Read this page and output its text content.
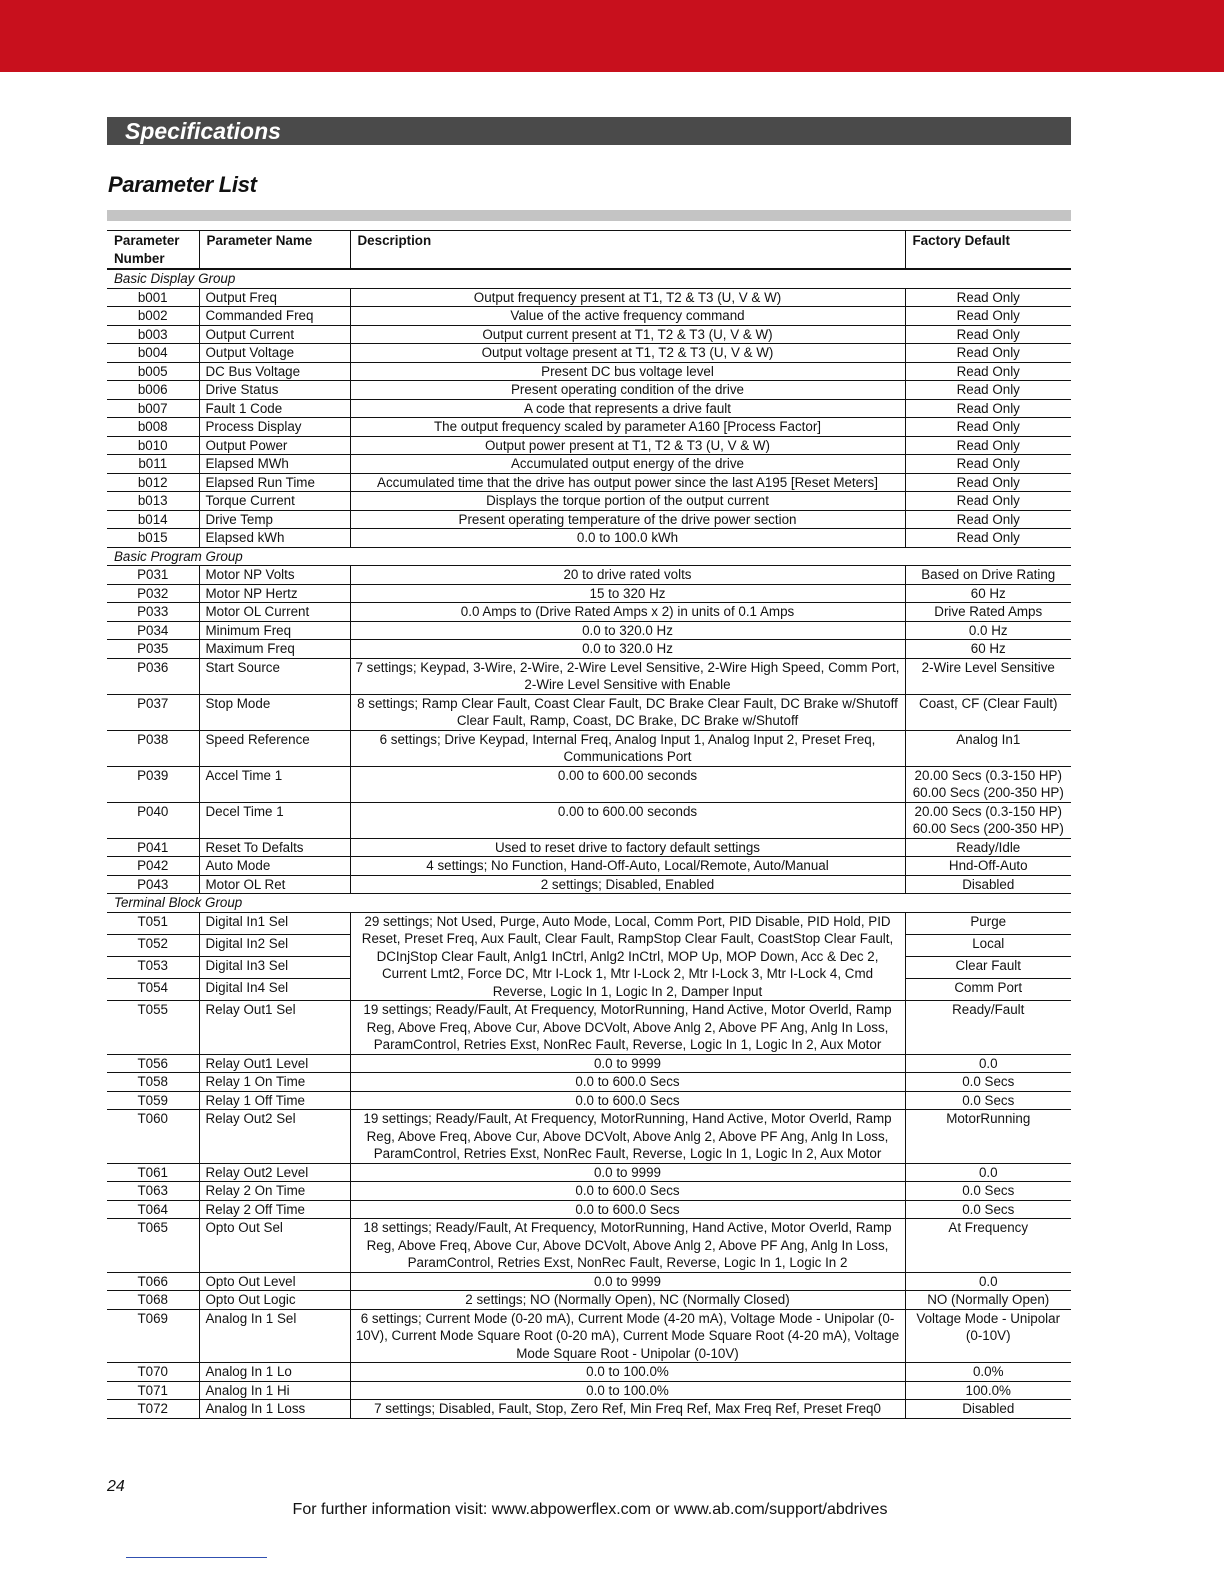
Specifications
Parameter List
Parameter Number	Parameter Name	Description	Factory Default
Basic Display Group			
b001	Output Freq	Output frequency present at T1, T2 & T3 (U, V & W)	Read Only
b002	Commanded Freq	Value of the active frequency command	Read Only
b003	Output Current	Output current present at T1, T2 & T3 (U, V & W)	Read Only
b004	Output Voltage	Output voltage present at T1, T2 & T3 (U, V & W)	Read Only
b005	DC Bus Voltage	Present DC bus voltage level	Read Only
b006	Drive Status	Present operating condition of the drive	Read Only
b007	Fault 1 Code	A code that represents a drive fault	Read Only
b008	Process Display	The output frequency scaled by parameter A160 [Process Factor]	Read Only
b010	Output Power	Output power present at T1, T2 & T3 (U, V & W)	Read Only
b011	Elapsed MWh	Accumulated output energy of the drive	Read Only
b012	Elapsed Run Time	Accumulated time that the drive has output power since the last A195 [Reset Meters]	Read Only
b013	Torque Current	Displays the torque portion of the output current	Read Only
b014	Drive Temp	Present operating temperature of the drive power section	Read Only
b015	Elapsed kWh	0.0 to 100.0 kWh	Read Only
Basic Program Group			
P031	Motor NP Volts	20 to drive rated volts	Based on Drive Rating
P032	Motor NP Hertz	15 to 320 Hz	60 Hz
P033	Motor OL Current	0.0 Amps to (Drive Rated Amps x 2) in units of 0.1 Amps	Drive Rated Amps
P034	Minimum Freq	0.0 to 320.0 Hz	0.0 Hz
P035	Maximum Freq	0.0 to 320.0 Hz	60 Hz
P036	Start Source	7 settings; Keypad, 3-Wire, 2-Wire, 2-Wire Level Sensitive, 2-Wire High Speed, Comm Port, 2-Wire Level Sensitive with Enable	2-Wire Level Sensitive
P037	Stop Mode	8 settings; Ramp Clear Fault, Coast Clear Fault, DC Brake Clear Fault, DC Brake w/Shutoff Clear Fault, Ramp, Coast, DC Brake, DC Brake w/Shutoff	Coast, CF (Clear Fault)
P038	Speed Reference	6 settings; Drive Keypad, Internal Freq, Analog Input 1, Analog Input 2, Preset Freq, Communications Port	Analog In1
P039	Accel Time 1	0.00 to 600.00 seconds	20.00 Secs (0.3-150 HP) 60.00 Secs (200-350 HP)
P040	Decel Time 1	0.00 to 600.00 seconds	20.00 Secs (0.3-150 HP) 60.00 Secs (200-350 HP)
P041	Reset To Defalts	Used to reset drive to factory default settings	Ready/Idle
P042	Auto Mode	4 settings; No Function, Hand-Off-Auto, Local/Remote, Auto/Manual	Hnd-Off-Auto
P043	Motor OL Ret	2 settings; Disabled, Enabled	Disabled
Terminal Block Group			
T051	Digital In1 Sel	29 settings; Not Used, Purge, Auto Mode, Local, Comm Port, PID Disable, PID Hold, PID Reset, Preset Freq, Aux Fault, Clear Fault, RampStop Clear Fault, CoastStop Clear Fault, DCInjStop Clear Fault, Anlg1 InCtrl, Anlg2 InCtrl, MOP Up, MOP Down, Acc & Dec 2, Current Lmt2, Force DC, Mtr I-Lock 1, Mtr I-Lock 2, Mtr I-Lock 3, Mtr I-Lock 4, Cmd Reverse, Logic In 1, Logic In 2, Damper Input	Purge
T052	Digital In2 Sel		Local
T053	Digital In3 Sel		Clear Fault
T054	Digital In4 Sel		Comm Port
T055	Relay Out1 Sel	19 settings; Ready/Fault, At Frequency, MotorRunning, Hand Active, Motor Overld, Ramp Reg, Above Freq, Above Cur, Above DCVolt, Above Anlg 2, Above PF Ang, Anlg In Loss, ParamControl, Retries Exst, NonRec Fault, Reverse, Logic In 1, Logic In 2, Aux Motor	Ready/Fault
T056	Relay Out1 Level	0.0 to 9999	0.0
T058	Relay 1 On Time	0.0 to 600.0 Secs	0.0 Secs
T059	Relay 1 Off Time	0.0 to 600.0 Secs	0.0 Secs
T060	Relay Out2 Sel	19 settings; Ready/Fault, At Frequency, MotorRunning, Hand Active, Motor Overld, Ramp Reg, Above Freq, Above Cur, Above DCVolt, Above Anlg 2, Above PF Ang, Anlg In Loss, ParamControl, Retries Exst, NonRec Fault, Reverse, Logic In 1, Logic In 2, Aux Motor	MotorRunning
T061	Relay Out2 Level	0.0 to 9999	0.0
T063	Relay 2 On Time	0.0 to 600.0 Secs	0.0 Secs
T064	Relay 2 Off Time	0.0 to 600.0 Secs	0.0 Secs
T065	Opto Out Sel	18 settings; Ready/Fault, At Frequency, MotorRunning, Hand Active, Motor Overld, Ramp Reg, Above Freq, Above Cur, Above DCVolt, Above Anlg 2, Above PF Ang, Anlg In Loss, ParamControl, Retries Exst, NonRec Fault, Reverse, Logic In 1, Logic In 2	At Frequency
T066	Opto Out Level	0.0 to 9999	0.0
T068	Opto Out Logic	2 settings; NO (Normally Open), NC (Normally Closed)	NO (Normally Open)
T069	Analog In 1 Sel	6 settings; Current Mode (0-20 mA), Current Mode (4-20 mA), Voltage Mode - Unipolar (0-10V), Current Mode Square Root (0-20 mA), Current Mode Square Root (4-20 mA), Voltage Mode Square Root - Unipolar (0-10V)	Voltage Mode - Unipolar (0-10V)
T070	Analog In 1 Lo	0.0 to 100.0%	0.0%
T071	Analog In 1 Hi	0.0 to 100.0%	100.0%
T072	Analog In 1 Loss	7 settings; Disabled, Fault, Stop, Zero Ref, Min Freq Ref, Max Freq Ref, Preset Freq0	Disabled
24
For further information visit: www.abpowerflex.com or www.ab.com/support/abdrives
